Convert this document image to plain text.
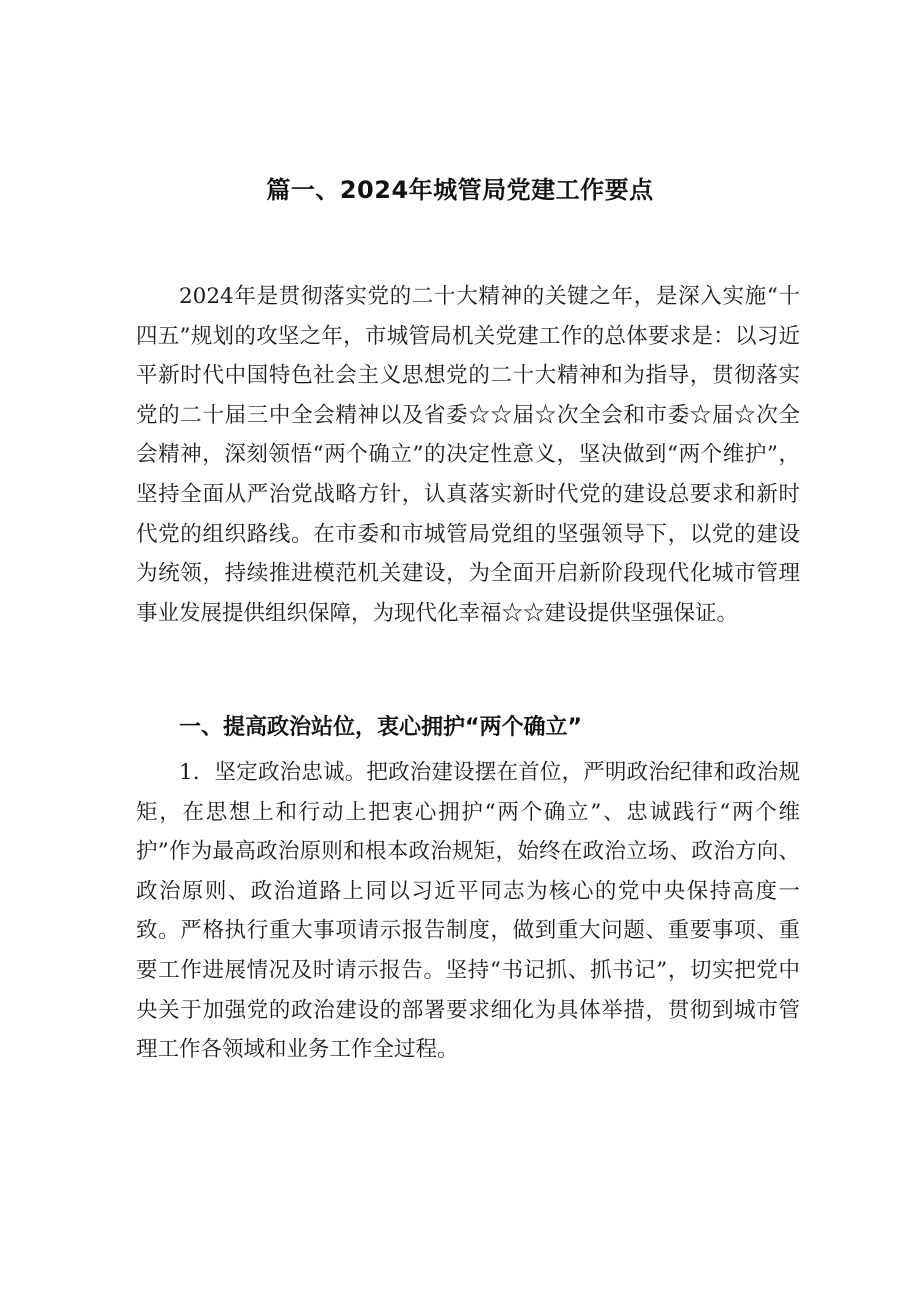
篇一、2024年城管局党建工作要点

2024年是贯彻落实党的二十大精神的关键之年，是深入实施“十四五”规划的攻坚之年，市城管局机关党建工作的总体要求是：以习近平新时代中国特色社会主义思想党的二十大精神和为指导，贯彻落实党的二十届三中全会精神以及省委☆☆届☆次全会和市委☆届☆次全会精神，深刻领悟“两个确立”的决定性意义，坚决做到“两个维护”，坚持全面从严治党战略方针，认真落实新时代党的建设总要求和新时代党的组织路线。在市委和市城管局党组的坚强领导下，以党的建设为统领，持续推进模范机关建设，为全面开启新阶段现代化城市管理事业发展提供组织保障，为现代化幸福☆☆建设提供坚强保证。

一、提高政治站位，衷心拥护“两个确立”

1．坚定政治忠诚。把政治建设摆在首位，严明政治纪律和政治规矩，在思想上和行动上把衷心拥护“两个确立”、忠诚践行“两个维护”作为最高政治原则和根本政治规矩，始终在政治立场、政治方向、政治原则、政治道路上同以习近平同志为核心的党中央保持高度一致。严格执行重大事项请示报告制度，做到重大问题、重要事项、重要工作进展情况及时请示报告。坚持“书记抓、抓书记”，切实把党中央关于加强党的政治建设的部署要求细化为具体举措，贯彻到城市管理工作各领域和业务工作全过程。
